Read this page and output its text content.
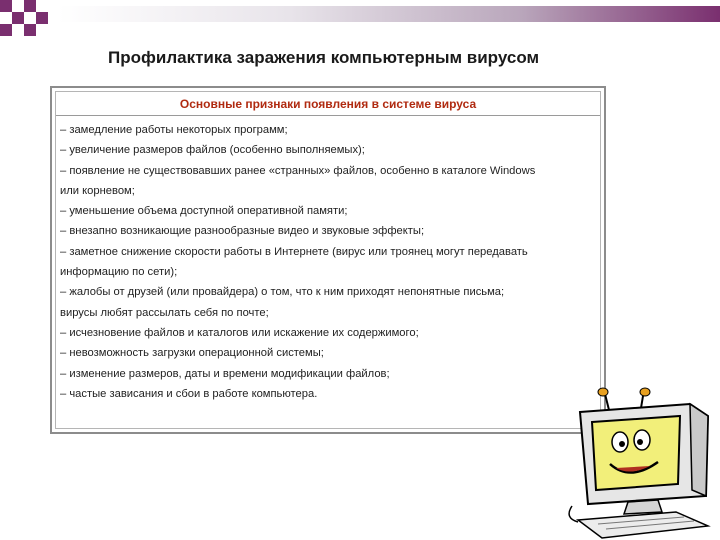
Профилактика заражения компьютерным вирусом
Основные признаки появления в системе вируса
– замедление работы некоторых программ;
– увеличение размеров файлов (особенно выполняемых);
– появление не существовавших ранее «странных» файлов, особенно в каталоге Windows
или корневом;
– уменьшение объема доступной оперативной памяти;
– внезапно возникающие разнообразные видео и звуковые эффекты;
– заметное снижение скорости работы в Интернете (вирус или троянец могут передавать
информацию по сети);
– жалобы от друзей (или провайдера) о том, что к ним приходят непонятные письма;
вирусы любят рассылать себя по почте;
– исчезновение файлов и каталогов или искажение их содержимого;
– невозможность загрузки операционной системы;
– изменение размеров, даты и времени модификации файлов;
– частые зависания и сбои в работе компьютера.
